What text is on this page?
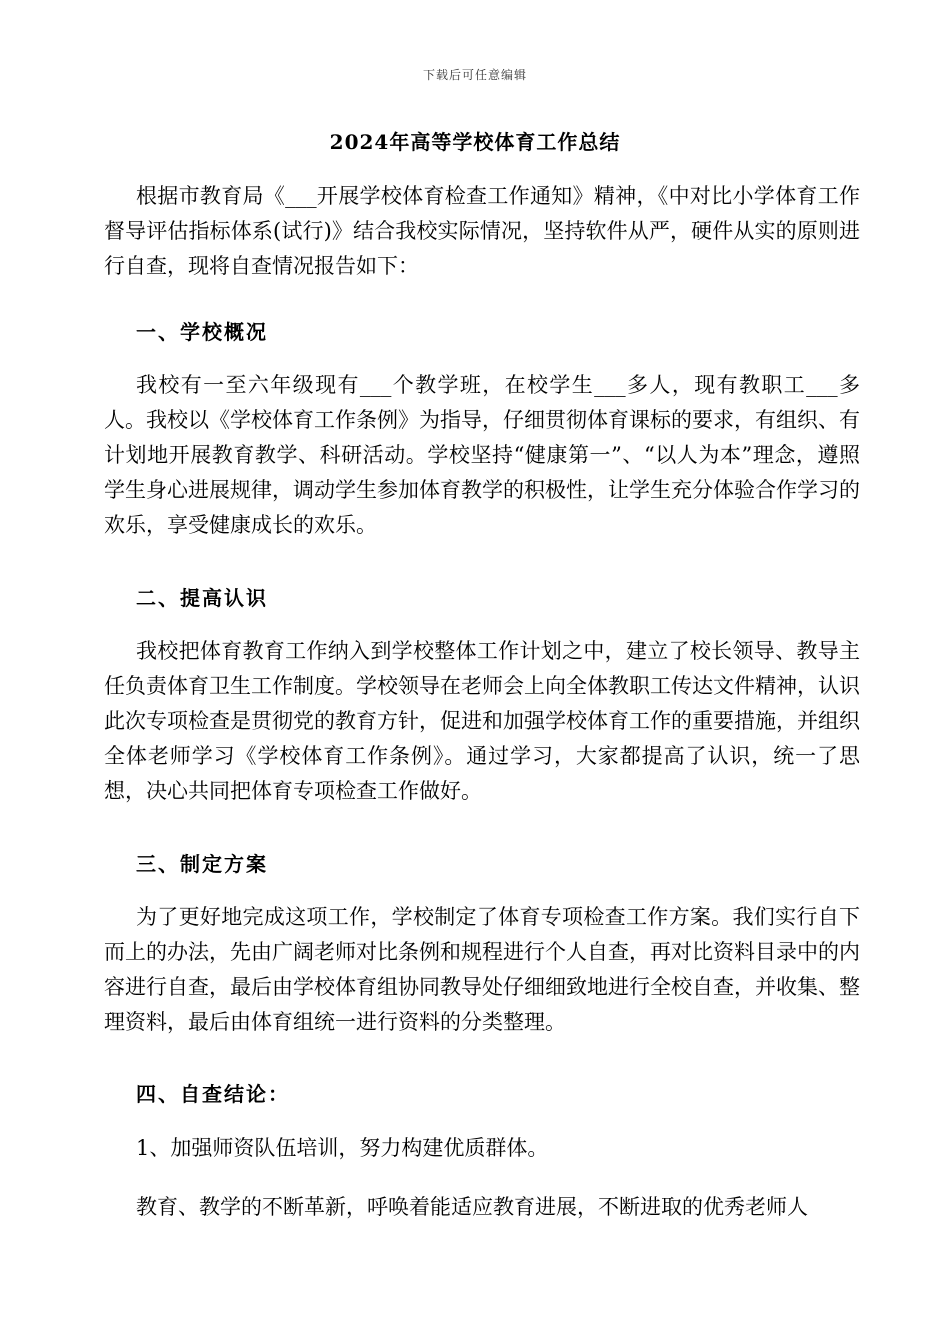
下载后可任意编辑
2024年高等学校体育工作总结

根据市教育局《___开展学校体育检查工作通知》精神，《中对比小学体育工作督导评估指标体系(试行)》结合我校实际情况，坚持软件从严，硬件从实的原则进行自查，现将自查情况报告如下：

一、学校概况

我校有一至六年级现有___个教学班，在校学生___多人，现有教职工___多人。我校以《学校体育工作条例》为指导，仔细贯彻体育课标的要求，有组织、有计划地开展教育教学、科研活动。学校坚持“健康第一”、“以人为本”理念，遵照学生身心进展规律，调动学生参加体育教学的积极性，让学生充分体验合作学习的欢乐，享受健康成长的欢乐。

二、提高认识

我校把体育教育工作纳入到学校整体工作计划之中，建立了校长领导、教导主任负责体育卫生工作制度。学校领导在老师会上向全体教职工传达文件精神，认识此次专项检查是贯彻党的教育方针，促进和加强学校体育工作的重要措施，并组织全体老师学习《学校体育工作条例》。通过学习，大家都提高了认识，统一了思想，决心共同把体育专项检查工作做好。

三、制定方案

为了更好地完成这项工作，学校制定了体育专项检查工作方案。我们实行自下而上的办法，先由广阔老师对比条例和规程进行个人自查，再对比资料目录中的内容进行自查，最后由学校体育组协同教导处仔细细致地进行全校自查，并收集、整理资料，最后由体育组统一进行资料的分类整理。

四、自查结论：

1、加强师资队伍培训，努力构建优质群体。

教育、教学的不断革新，呼唤着能适应教育进展，不断进取的优秀老师人
